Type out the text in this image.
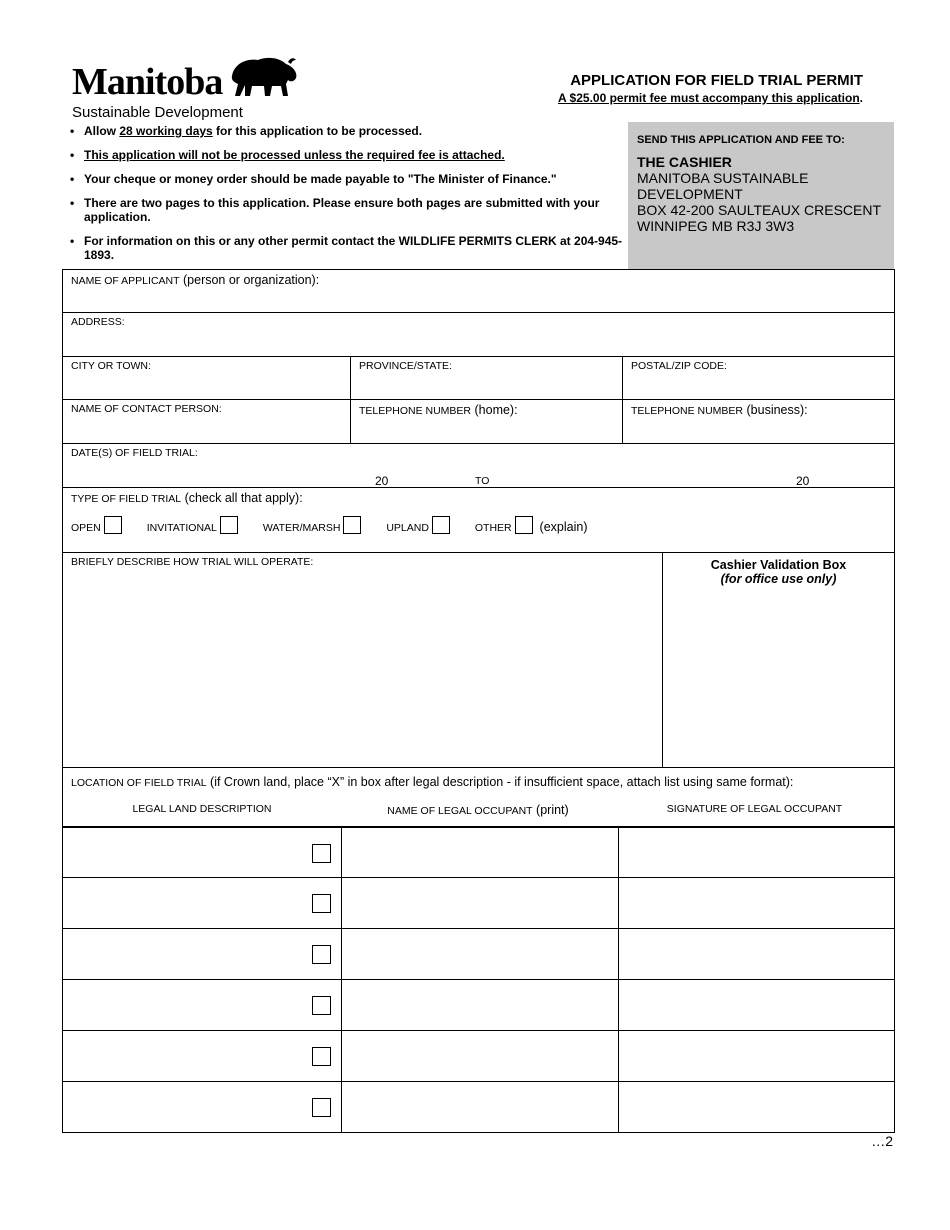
Manitoba
Sustainable Development
APPLICATION FOR FIELD TRIAL PERMIT
A $25.00 permit fee must accompany this application.
• Allow 28 working days for this application to be processed.
• This application will not be processed unless the required fee is attached.
• Your cheque or money order should be made payable to "The Minister of Finance."
• There are two pages to this application. Please ensure both pages are submitted with your application.
• For information on this or any other permit contact the WILDLIFE PERMITS CLERK at 204-945-1893.
SEND THIS APPLICATION AND FEE TO:
THE CASHIER
MANITOBA SUSTAINABLE
DEVELOPMENT
BOX 42-200 SAULTEAUX CRESCENT
WINNIPEG MB R3J 3W3
NAME OF APPLICANT (person or organization):
ADDRESS:
CITY OR TOWN:	PROVINCE/STATE:	POSTAL/ZIP CODE:
NAME OF CONTACT PERSON:	TELEPHONE NUMBER (home):	TELEPHONE NUMBER (business):
DATE(S) OF FIELD TRIAL:
20	TO	20
TYPE OF FIELD TRIAL (check all that apply):
OPEN	INVITATIONAL	WATER/MARSH	UPLAND	OTHER (explain)
BRIEFLY DESCRIBE HOW TRIAL WILL OPERATE:	Cashier Validation Box
(for office use only)
LOCATION OF FIELD TRIAL (if Crown land, place “X” in box after legal description - if insufficient space, attach list using same format):
LEGAL LAND DESCRIPTION	NAME OF LEGAL OCCUPANT (print)	SIGNATURE OF LEGAL OCCUPANT
…2
